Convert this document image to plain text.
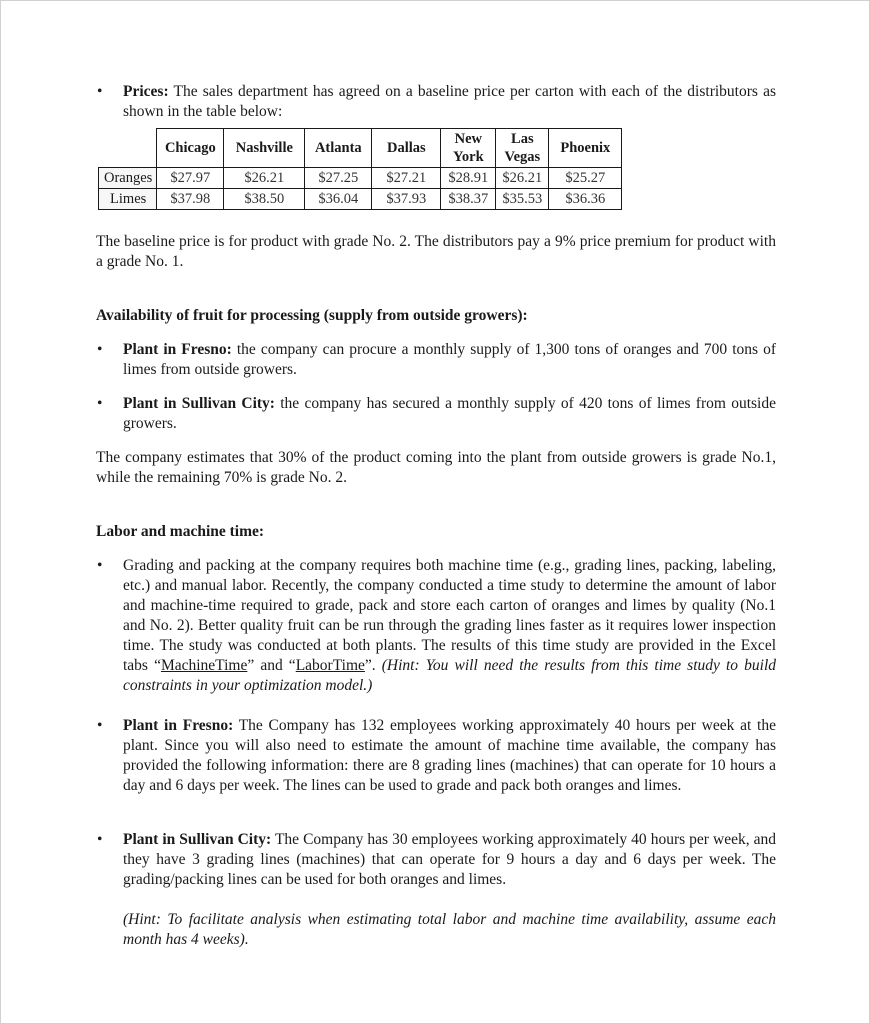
• Prices: The sales department has agreed on a baseline price per carton with each of the distributors as shown in the table below:
	Chicago	Nashville	Atlanta	Dallas	New York	Las Vegas	Phoenix
Oranges	$27.97	$26.21	$27.25	$27.21	$28.91	$26.21	$25.27
Limes	$37.98	$38.50	$36.04	$37.93	$38.37	$35.53	$36.36

The baseline price is for product with grade No. 2. The distributors pay a 9% price premium for product with a grade No. 1.

Availability of fruit for processing (supply from outside growers):

• Plant in Fresno: the company can procure a monthly supply of 1,300 tons of oranges and 700 tons of limes from outside growers.
• Plant in Sullivan City: the company has secured a monthly supply of 420 tons of limes from outside growers.

The company estimates that 30% of the product coming into the plant from outside growers is grade No.1, while the remaining 70% is grade No. 2.

Labor and machine time:

• Grading and packing at the company requires both machine time (e.g., grading lines, packing, labeling, etc.) and manual labor. Recently, the company conducted a time study to determine the amount of labor and machine-time required to grade, pack and store each carton of oranges and limes by quality (No.1 and No. 2). Better quality fruit can be run through the grading lines faster as it requires lower inspection time. The study was conducted at both plants. The results of this time study are provided in the Excel tabs “MachineTime” and “LaborTime”. (Hint: You will need the results from this time study to build constraints in your optimization model.)
• Plant in Fresno: The Company has 132 employees working approximately 40 hours per week at the plant. Since you will also need to estimate the amount of machine time available, the company has provided the following information: there are 8 grading lines (machines) that can operate for 10 hours a day and 6 days per week. The lines can be used to grade and pack both oranges and limes.
• Plant in Sullivan City: The Company has 30 employees working approximately 40 hours per week, and they have 3 grading lines (machines) that can operate for 9 hours a day and 6 days per week. The grading/packing lines can be used for both oranges and limes.
(Hint: To facilitate analysis when estimating total labor and machine time availability, assume each month has 4 weeks).
